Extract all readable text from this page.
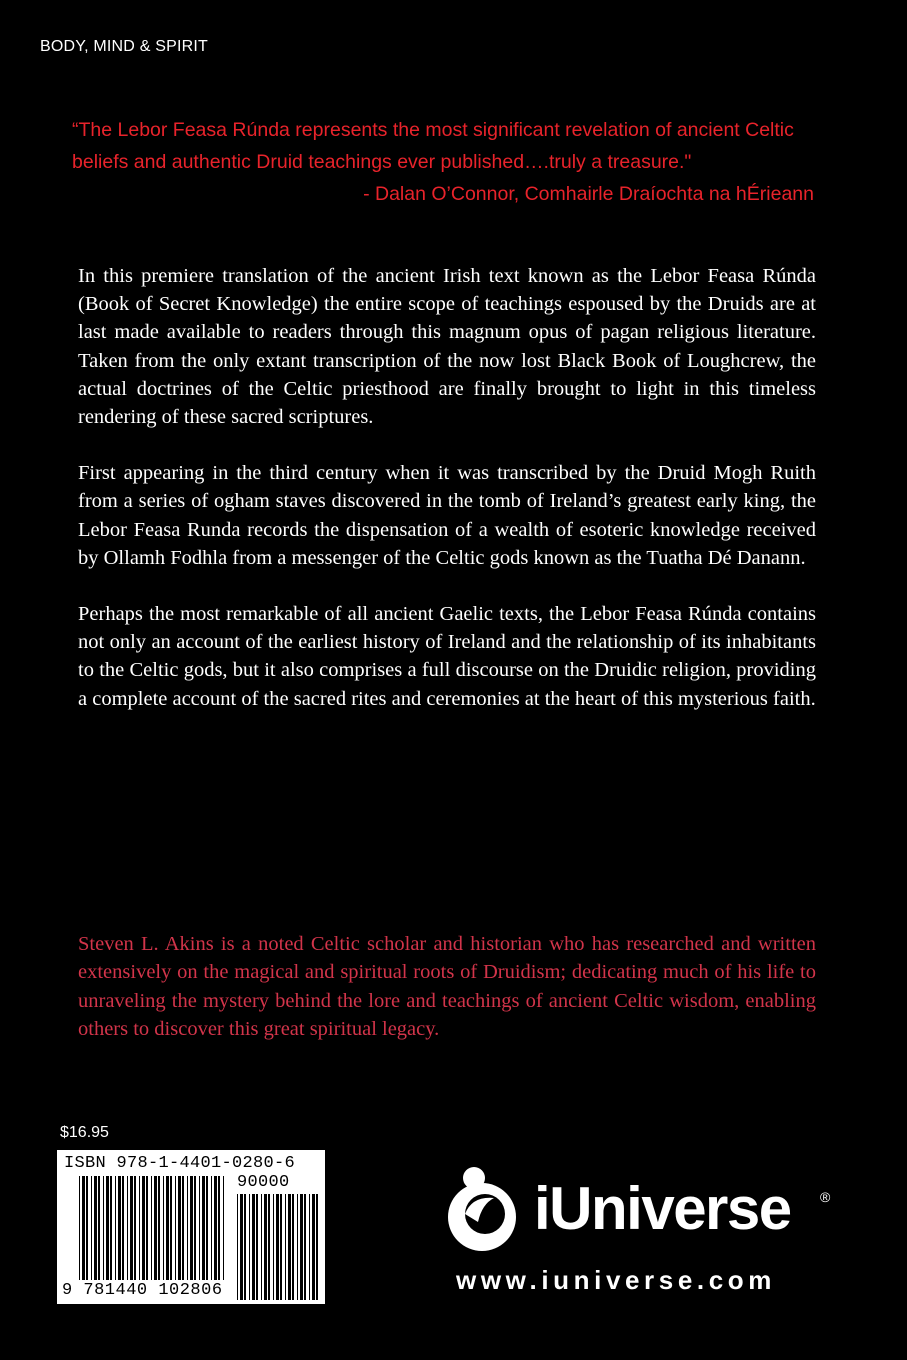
BODY, MIND & SPIRIT
“The Lebor Feasa Rúnda represents the most significant revelation of ancient Celtic beliefs and authentic Druid teachings ever published….truly a treasure."
- Dalan O’Connor, Comhairle Draíochta na hÉrieann

In this premiere translation of the ancient Irish text known as the Lebor Feasa Rúnda (Book of Secret Knowledge) the entire scope of teachings espoused by the Druids are at last made available to readers through this magnum opus of pagan religious literature. Taken from the only extant transcription of the now lost Black Book of Loughcrew, the actual doctrines of the Celtic priesthood are finally brought to light in this timeless rendering of these sacred scriptures.

First appearing in the third century when it was transcribed by the Druid Mogh Ruith from a series of ogham staves discovered in the tomb of Ireland’s greatest early king, the Lebor Feasa Runda records the dispensation of a wealth of esoteric knowledge received by Ollamh Fodhla from a messenger of the Celtic gods known as the Tuatha Dé Danann.

Perhaps the most remarkable of all ancient Gaelic texts, the Lebor Feasa Rúnda contains not only an account of the earliest history of Ireland and the relationship of its inhabitants to the Celtic gods, but it also comprises a full discourse on the Druidic religion, providing a complete account of the sacred rites and ceremonies at the heart of this mysterious faith.

Steven L. Akins is a noted Celtic scholar and historian who has researched and written extensively on the magical and spiritual roots of Druidism; dedicating much of his life to unraveling the mystery behind the lore and teachings of ancient Celtic wisdom, enabling others to discover this great spiritual legacy.
$16.95
ISBN 978-1-4401-0280-6
90000
9 781440 102806
iUniverse ®
www.iuniverse.com
